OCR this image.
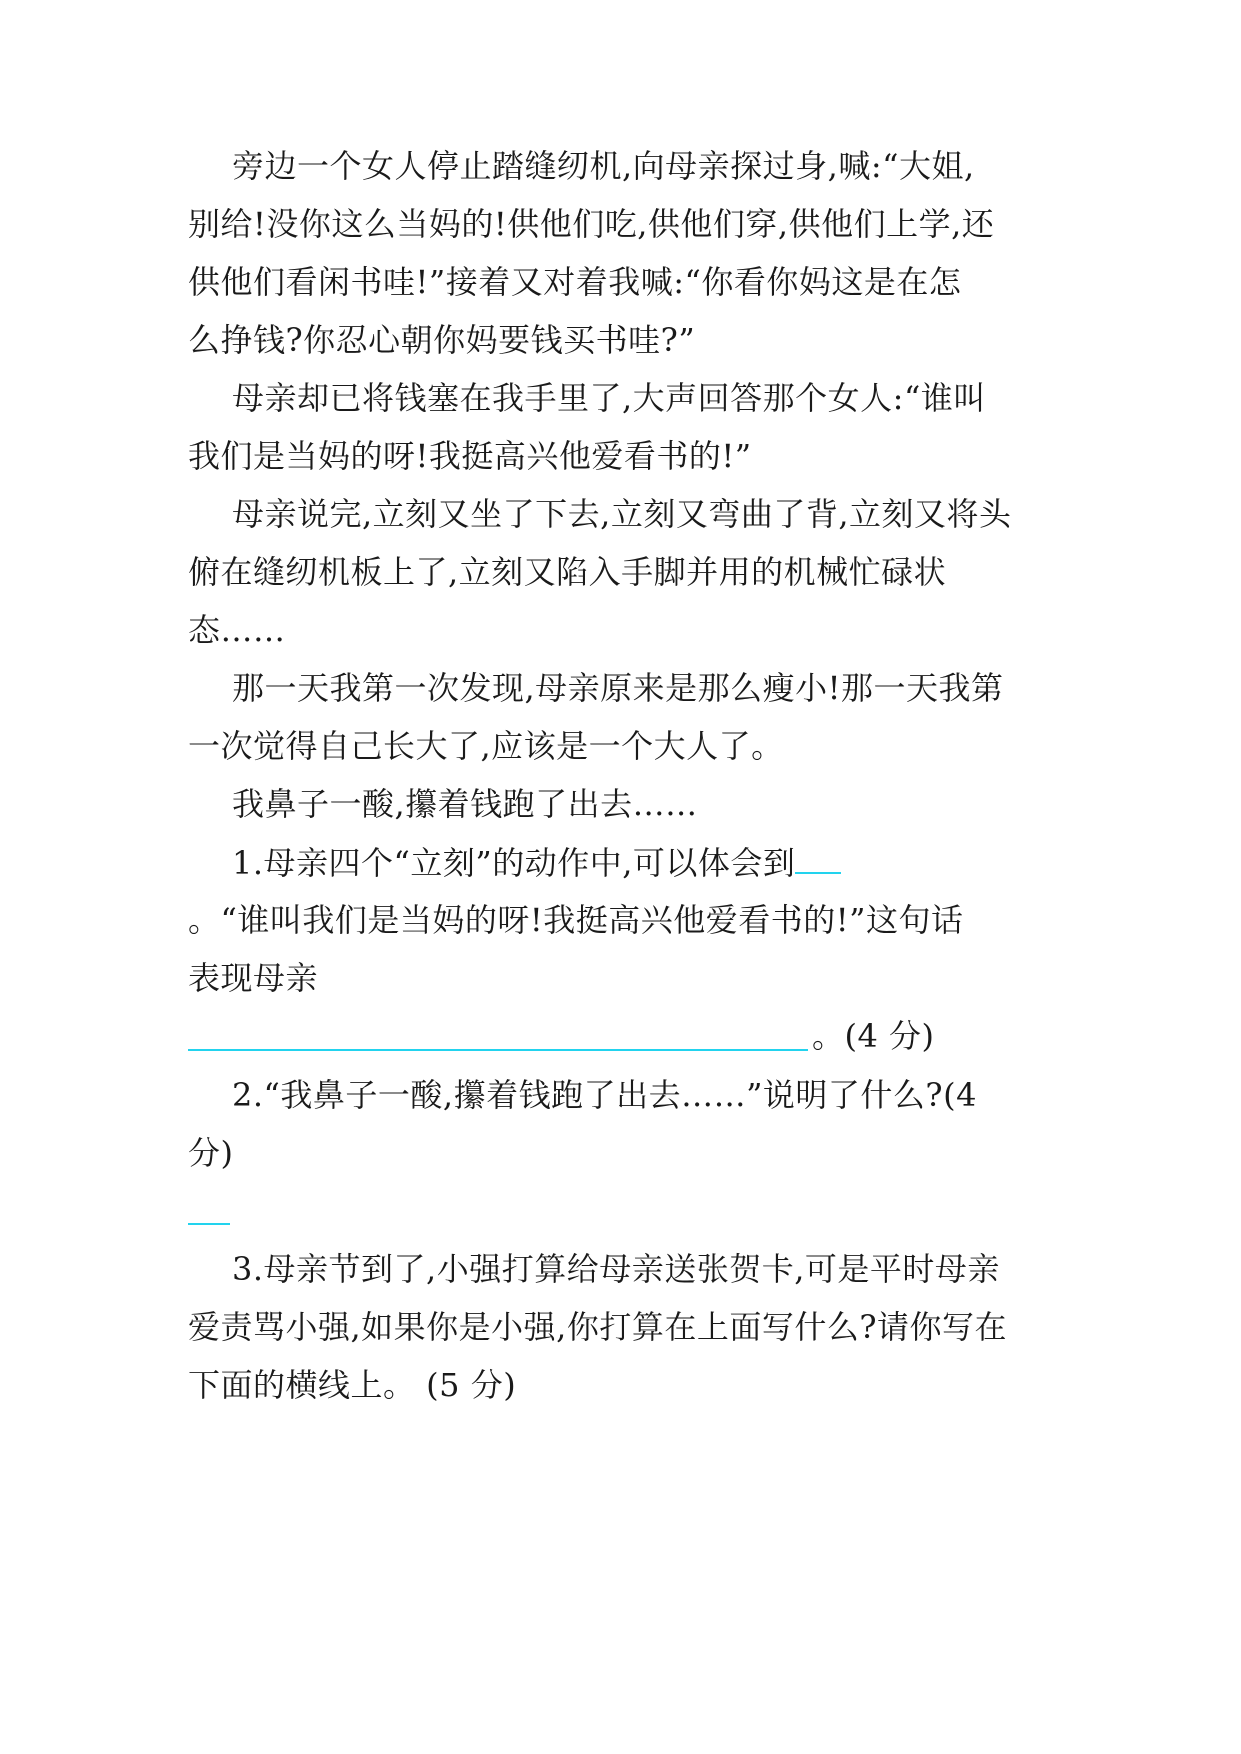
旁边一个女人停止踏缝纫机,向母亲探过身,喊:“大姐,
别给!没你这么当妈的!供他们吃,供他们穿,供他们上学,还
供他们看闲书哇!”接着又对着我喊:“你看你妈这是在怎
么挣钱?你忍心朝你妈要钱买书哇?”
母亲却已将钱塞在我手里了,大声回答那个女人:“谁叫
我们是当妈的呀!我挺高兴他爱看书的!”
母亲说完,立刻又坐了下去,立刻又弯曲了背,立刻又将头
俯在缝纫机板上了,立刻又陷入手脚并用的机械忙碌状
态……
那一天我第一次发现,母亲原来是那么瘦小!那一天我第
一次觉得自己长大了,应该是一个大人了。
我鼻子一酸,攥着钱跑了出去……
1.母亲四个“立刻”的动作中,可以体会到
。“谁叫我们是当妈的呀!我挺高兴他爱看书的!”这句话
表现母亲
。(4 分)
2.“我鼻子一酸,攥着钱跑了出去……”说明了什么?(4
分)
3.母亲节到了,小强打算给母亲送张贺卡,可是平时母亲
爱责骂小强,如果你是小强,你打算在上面写什么?请你写在
下面的横线上。 (5 分)
